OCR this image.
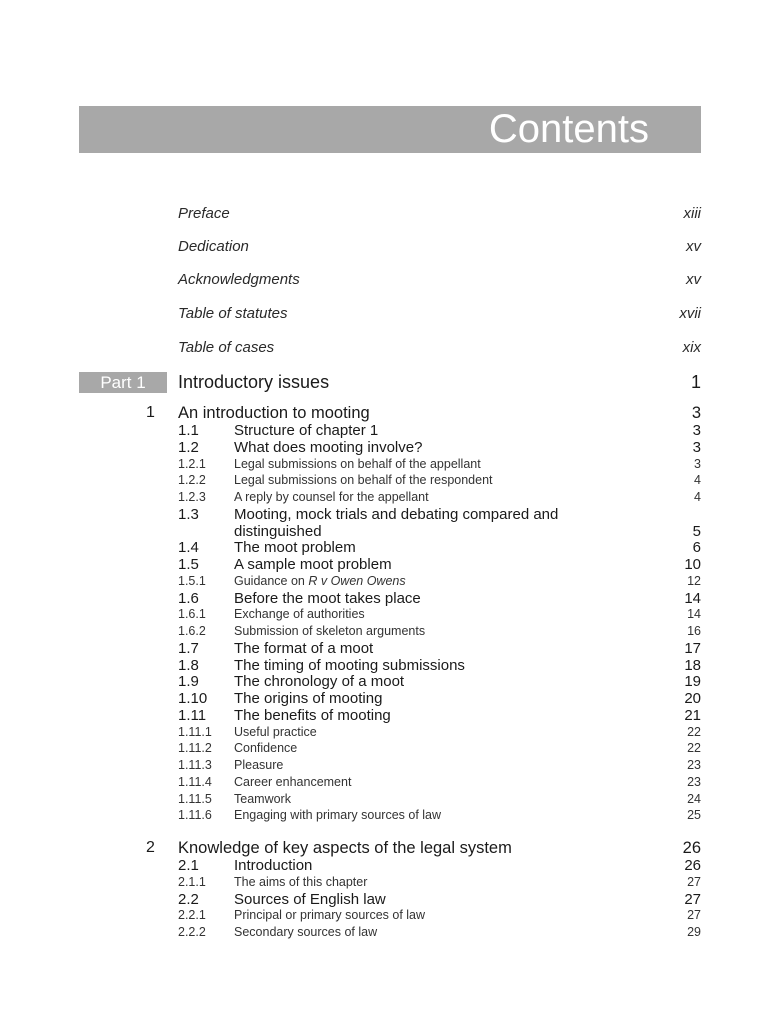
Contents
Preface	xiii
Dedication	xv
Acknowledgments	xv
Table of statutes	xvii
Table of cases	xix
Part 1	Introductory issues	1
1 An introduction to mooting	3
1.1 Structure of chapter 1	3
1.2 What does mooting involve?	3
1.2.1 Legal submissions on behalf of the appellant	3
1.2.2 Legal submissions on behalf of the respondent	4
1.2.3 A reply by counsel for the appellant	4
1.3 Mooting, mock trials and debating compared and distinguished	5
1.4 The moot problem	6
1.5 A sample moot problem	10
1.5.1 Guidance on R v Owen Owens	12
1.6 Before the moot takes place	14
1.6.1 Exchange of authorities	14
1.6.2 Submission of skeleton arguments	16
1.7 The format of a moot	17
1.8 The timing of mooting submissions	18
1.9 The chronology of a moot	19
1.10 The origins of mooting	20
1.11 The benefits of mooting	21
1.11.1 Useful practice	22
1.11.2 Confidence	22
1.11.3 Pleasure	23
1.11.4 Career enhancement	23
1.11.5 Teamwork	24
1.11.6 Engaging with primary sources of law	25
2 Knowledge of key aspects of the legal system	26
2.1 Introduction	26
2.1.1 The aims of this chapter	27
2.2 Sources of English law	27
2.2.1 Principal or primary sources of law	27
2.2.2 Secondary sources of law	29
